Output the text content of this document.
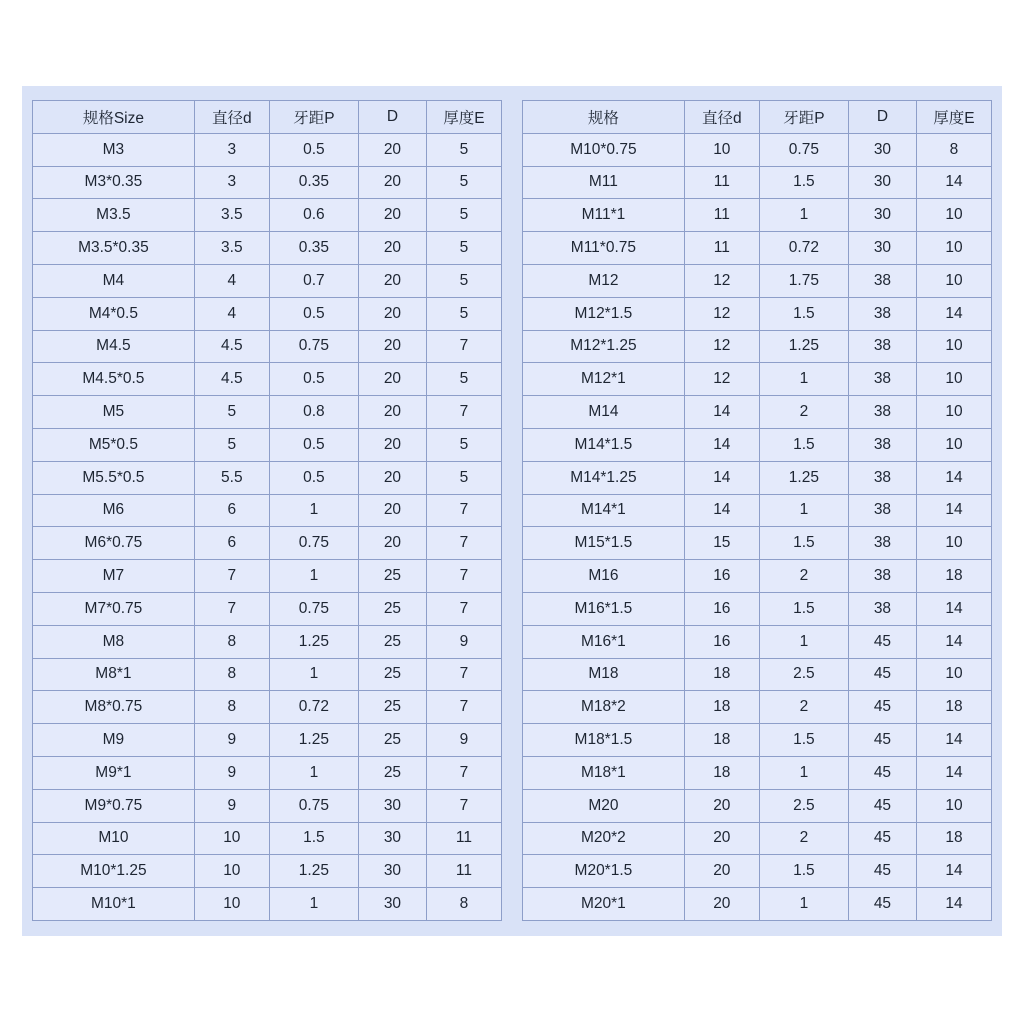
规格Size	直径d	牙距P	D	厚度E
M3	3	0.5	20	5
M3*0.35	3	0.35	20	5
M3.5	3.5	0.6	20	5
M3.5*0.35	3.5	0.35	20	5
M4	4	0.7	20	5
M4*0.5	4	0.5	20	5
M4.5	4.5	0.75	20	7
M4.5*0.5	4.5	0.5	20	5
M5	5	0.8	20	7
M5*0.5	5	0.5	20	5
M5.5*0.5	5.5	0.5	20	5
M6	6	1	20	7
M6*0.75	6	0.75	20	7
M7	7	1	25	7
M7*0.75	7	0.75	25	7
M8	8	1.25	25	9
M8*1	8	1	25	7
M8*0.75	8	0.72	25	7
M9	9	1.25	25	9
M9*1	9	1	25	7
M9*0.75	9	0.75	30	7
M10	10	1.5	30	11
M10*1.25	10	1.25	30	11
M10*1	10	1	30	8
规格	直径d	牙距P	D	厚度E
M10*0.75	10	0.75	30	8
M11	11	1.5	30	14
M11*1	11	1	30	10
M11*0.75	11	0.72	30	10
M12	12	1.75	38	10
M12*1.5	12	1.5	38	14
M12*1.25	12	1.25	38	10
M12*1	12	1	38	10
M14	14	2	38	10
M14*1.5	14	1.5	38	10
M14*1.25	14	1.25	38	14
M14*1	14	1	38	14
M15*1.5	15	1.5	38	10
M16	16	2	38	18
M16*1.5	16	1.5	38	14
M16*1	16	1	45	14
M18	18	2.5	45	10
M18*2	18	2	45	18
M18*1.5	18	1.5	45	14
M18*1	18	1	45	14
M20	20	2.5	45	10
M20*2	20	2	45	18
M20*1.5	20	1.5	45	14
M20*1	20	1	45	14
